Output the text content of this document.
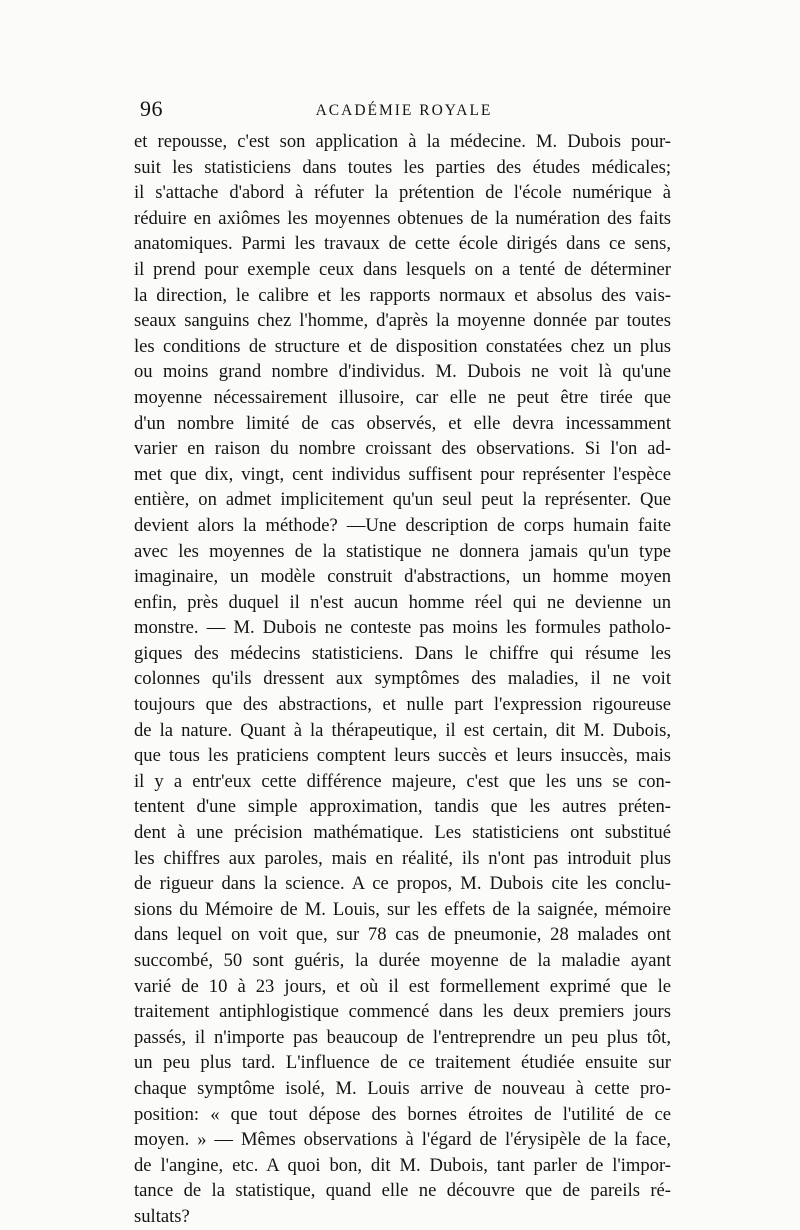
96	ACADÉMIE ROYALE
et repousse, c'est son application à la médecine. M. Dubois pour-
suit les statisticiens dans toutes les parties des études médicales;
il s'attache d'abord à réfuter la prétention de l'école numérique à
réduire en axiômes les moyennes obtenues de la numération des faits
anatomiques. Parmi les travaux de cette école dirigés dans ce sens,
il prend pour exemple ceux dans lesquels on a tenté de déterminer
la direction, le calibre et les rapports normaux et absolus des vais-
seaux sanguins chez l'homme, d'après la moyenne donnée par toutes
les conditions de structure et de disposition constatées chez un plus
ou moins grand nombre d'individus. M. Dubois ne voit là qu'une
moyenne nécessairement illusoire, car elle ne peut être tirée que
d'un nombre limité de cas observés, et elle devra incessamment
varier en raison du nombre croissant des observations. Si l'on ad-
met que dix, vingt, cent individus suffisent pour représenter l'espèce
entière, on admet implicitement qu'un seul peut la représenter. Que
devient alors la méthode? —Une description de corps humain faite
avec les moyennes de la statistique ne donnera jamais qu'un type
imaginaire, un modèle construit d'abstractions, un homme moyen
enfin, près duquel il n'est aucun homme réel qui ne devienne un
monstre. — M. Dubois ne conteste pas moins les formules patholo-
giques des médecins statisticiens. Dans le chiffre qui résume les
colonnes qu'ils dressent aux symptômes des maladies, il ne voit
toujours que des abstractions, et nulle part l'expression rigoureuse
de la nature. Quant à la thérapeutique, il est certain, dit M. Dubois,
que tous les praticiens comptent leurs succès et leurs insuccès, mais
il y a entr'eux cette différence majeure, c'est que les uns se con-
tentent d'une simple approximation, tandis que les autres préten-
dent à une précision mathématique. Les statisticiens ont substitué
les chiffres aux paroles, mais en réalité, ils n'ont pas introduit plus
de rigueur dans la science. A ce propos, M. Dubois cite les conclu-
sions du Mémoire de M. Louis, sur les effets de la saignée, mémoire
dans lequel on voit que, sur 78 cas de pneumonie, 28 malades ont
succombé, 50 sont guéris, la durée moyenne de la maladie ayant
varié de 10 à 23 jours, et où il est formellement exprimé que le
traitement antiphlogistique commencé dans les deux premiers jours
passés, il n'importe pas beaucoup de l'entreprendre un peu plus tôt,
un peu plus tard. L'influence de ce traitement étudiée ensuite sur
chaque symptôme isolé, M. Louis arrive de nouveau à cette pro-
position: « que tout dépose des bornes étroites de l'utilité de ce
moyen. » — Mêmes observations à l'égard de l'érysipèle de la face,
de l'angine, etc. A quoi bon, dit M. Dubois, tant parler de l'impor-
tance de la statistique, quand elle ne découvre que de pareils ré-
sultats?
